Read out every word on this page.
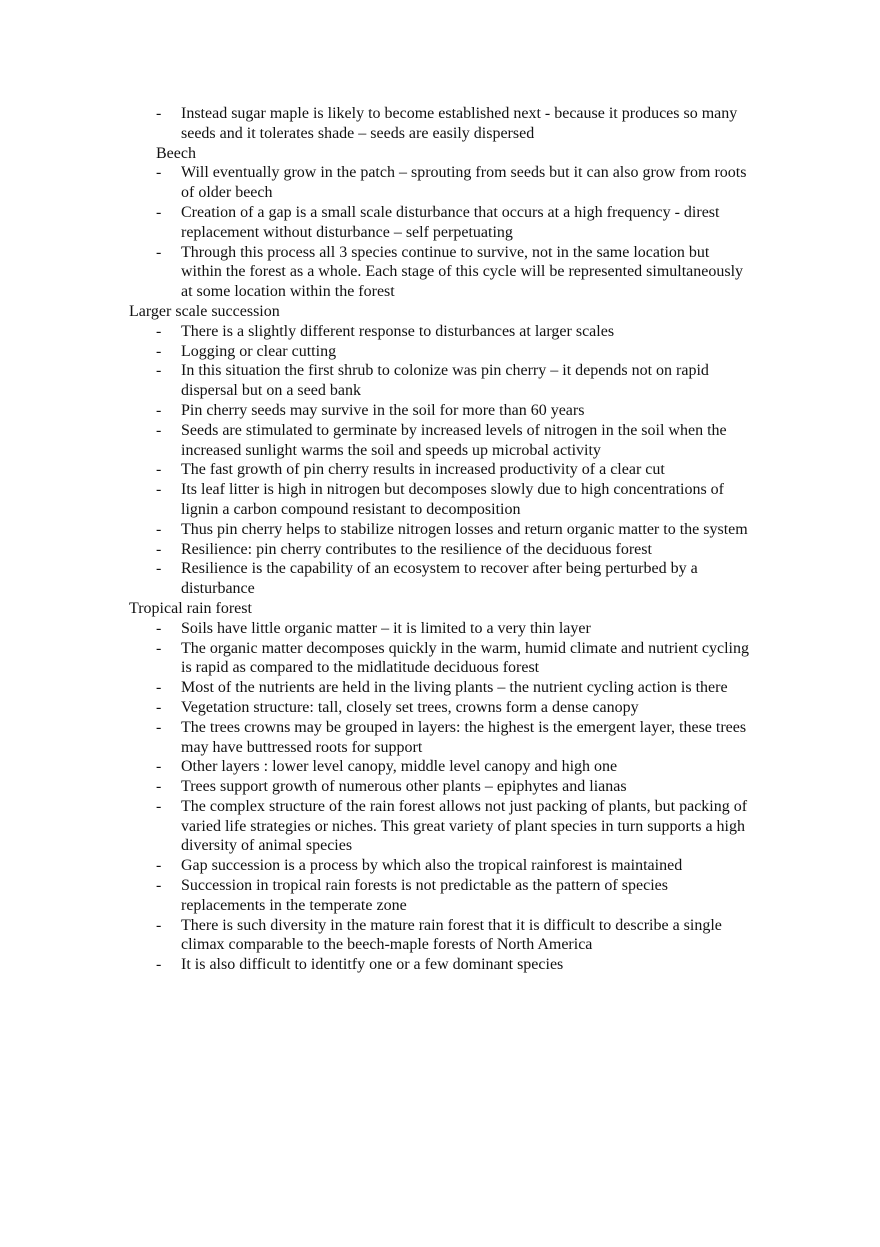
- Instead sugar maple is likely to become established next - because it produces so many seeds and it tolerates shade – seeds are easily dispersed
Beech
- Will eventually grow in the patch – sprouting from seeds but it can also grow from roots of older beech
- Creation of a gap is a small scale disturbance that occurs at a high frequency - direst replacement without disturbance – self perpetuating
- Through this process all 3 species continue to survive, not in the same location but within the forest as a whole. Each stage of this cycle will be represented simultaneously at some location within the forest
Larger scale succession
- There is a slightly different response to disturbances at larger scales
- Logging or clear cutting
- In this situation the first shrub to colonize was pin cherry – it depends not on rapid dispersal but on a seed bank
- Pin cherry seeds may survive in the soil for more than 60 years
- Seeds are stimulated to germinate by increased levels of nitrogen in the soil when the increased sunlight warms the soil and speeds up microbal activity
- The fast growth of pin cherry results in increased productivity of a clear cut
- Its leaf litter is high in nitrogen but decomposes slowly due to high concentrations of lignin a carbon compound resistant to decomposition
- Thus pin cherry helps to stabilize nitrogen losses and return organic matter to the system
- Resilience: pin cherry contributes to the resilience of the deciduous forest
- Resilience is the capability of an ecosystem to recover after being perturbed by a disturbance
Tropical rain forest
- Soils have little organic matter – it is limited to a very thin layer
- The organic matter decomposes quickly in the warm, humid climate and nutrient cycling is rapid as compared to the midlatitude deciduous forest
- Most of the nutrients are held in the living plants – the nutrient cycling action is there
- Vegetation structure: tall, closely set trees, crowns form a dense canopy
- The trees crowns may be grouped in layers: the highest is the emergent layer, these trees may have buttressed roots for support
- Other layers : lower level canopy, middle level canopy and high one
- Trees support growth of numerous other plants – epiphytes and lianas
- The complex structure of the rain forest allows not just packing of plants, but packing of varied life strategies or niches. This great variety of plant species in turn supports a high diversity of animal species
- Gap succession is a process by which also the tropical rainforest is maintained
- Succession in tropical rain forests is not predictable as the pattern of species replacements in the temperate zone
- There is such diversity in the mature rain forest that it is difficult to describe a single climax comparable to the beech-maple forests of North America
- It is also difficult to identitfy one or a few dominant species
